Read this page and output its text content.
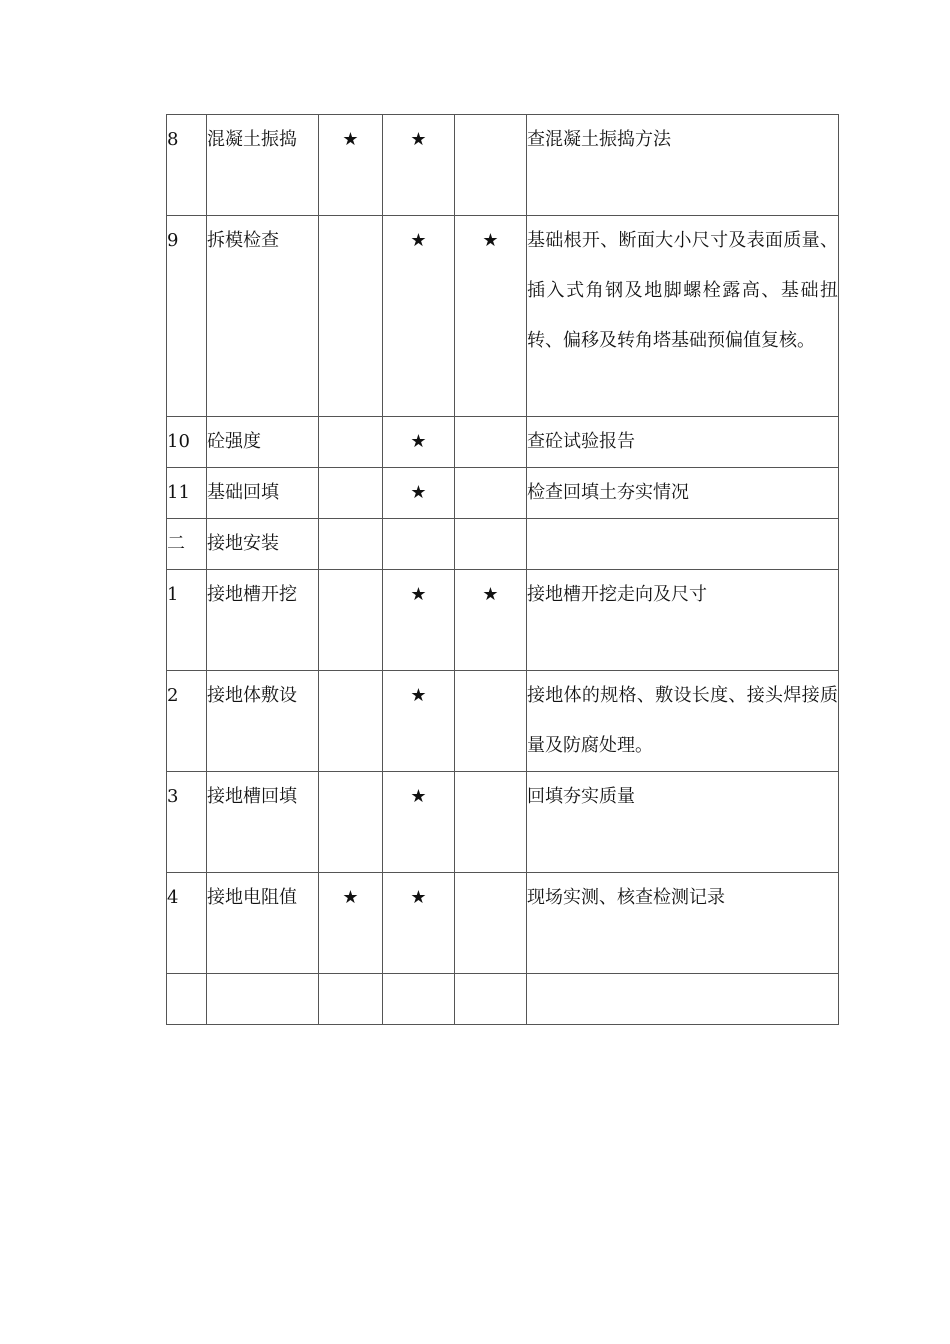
8	混凝土振捣	★	★		查混凝土振捣方法
9	拆模检查		★	★	基础根开、断面大小尺寸及表面质量、插入式角钢及地脚螺栓露高、基础扭转、偏移及转角塔基础预偏值复核。
10	砼强度		★		查砼试验报告
11	基础回填		★		检查回填土夯实情况
二	接地安装				
1	接地槽开挖		★	★	接地槽开挖走向及尺寸
2	接地体敷设		★		接地体的规格、敷设长度、接头焊接质量及防腐处理。
3	接地槽回填		★		回填夯实质量
4	接地电阻值	★	★		现场实测、核查检测记录
